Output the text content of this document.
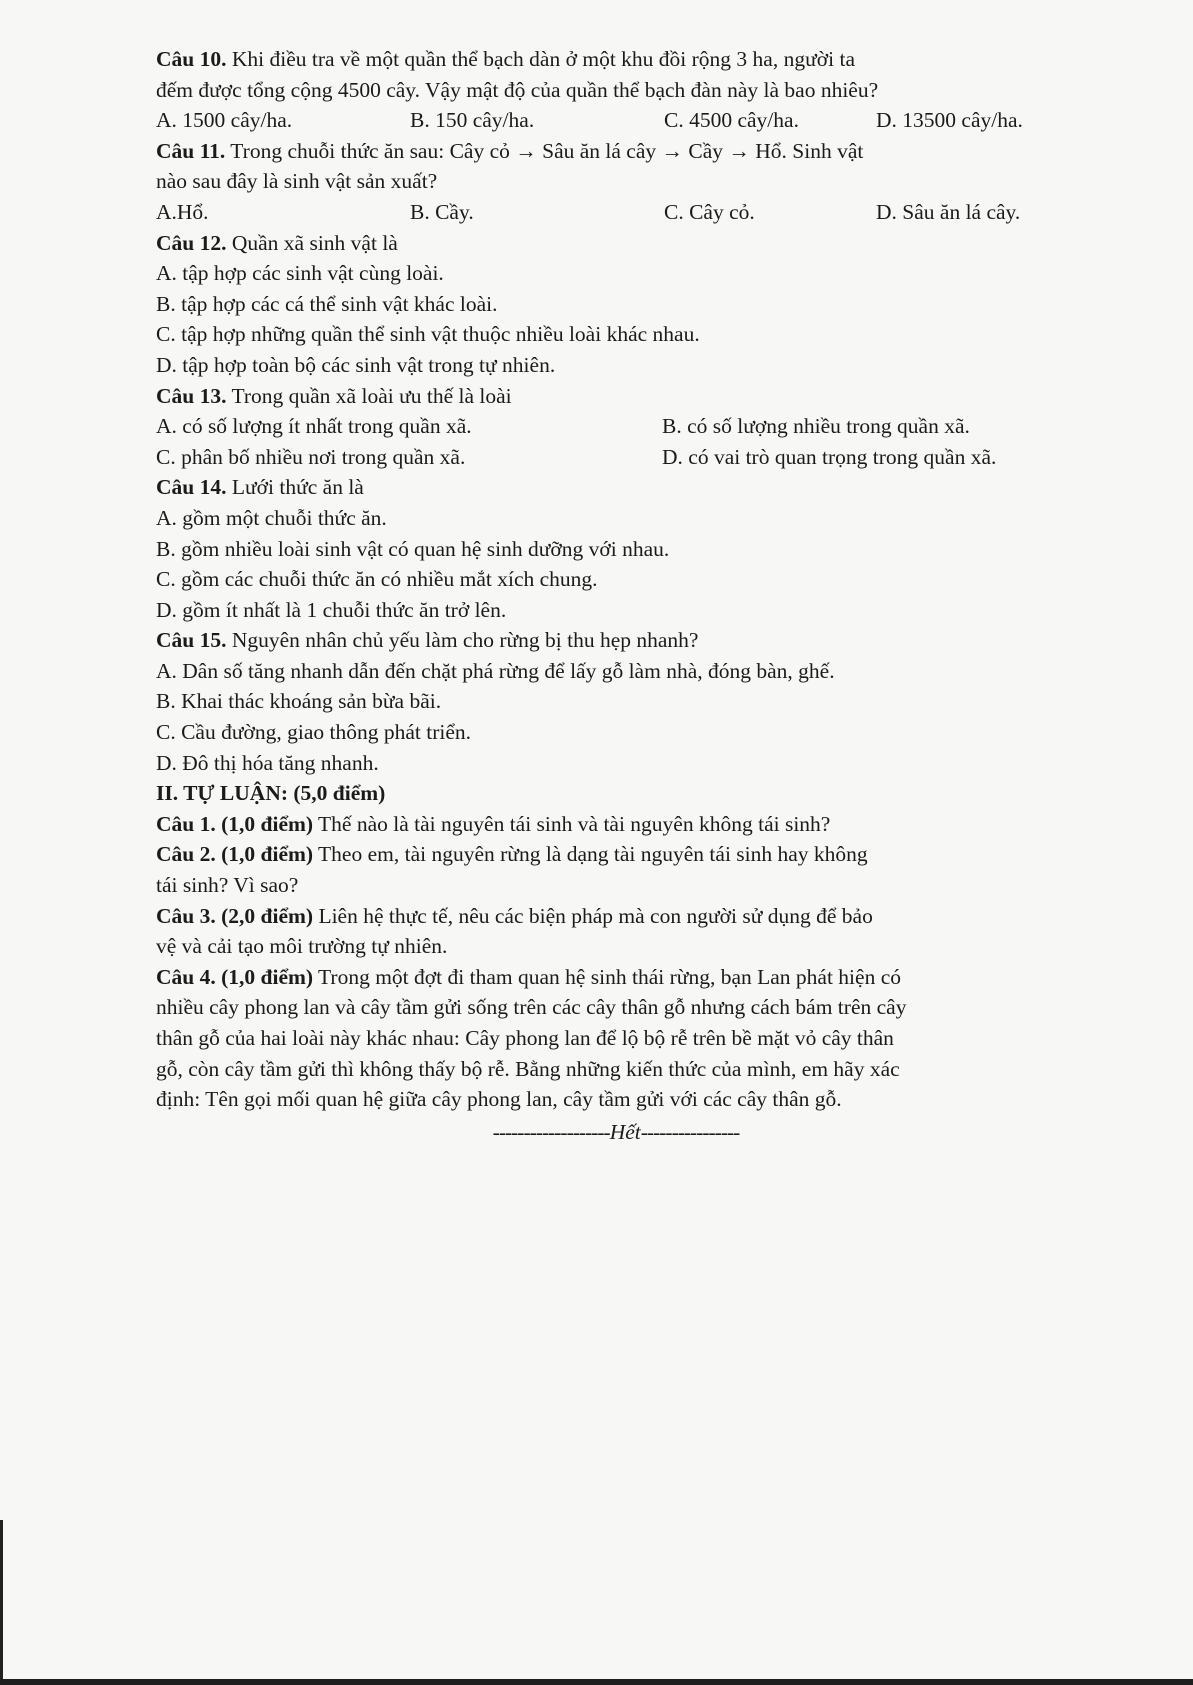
Câu 10. Khi điều tra về một quần thể bạch dàn ở một khu đồi rộng 3 ha, người ta
đếm được tổng cộng 4500 cây. Vậy mật độ của quần thể bạch đàn này là bao nhiêu?
A. 1500 cây/ha.	B. 150 cây/ha.	C. 4500 cây/ha.	D. 13500 cây/ha.
Câu 11. Trong chuỗi thức ăn sau: Cây cỏ → Sâu ăn lá cây → Cầy → Hổ. Sinh vật
nào sau đây là sinh vật sản xuất?
A.Hổ.	B. Cầy.	C. Cây cỏ.	D. Sâu ăn lá cây.
Câu 12. Quần xã sinh vật là
A. tập hợp các sinh vật cùng loài.
B. tập hợp các cá thể sinh vật khác loài.
C. tập hợp những quần thể sinh vật thuộc nhiều loài khác nhau.
D. tập hợp toàn bộ các sinh vật trong tự nhiên.
Câu 13. Trong quần xã loài ưu thế là loài
A. có số lượng ít nhất trong quần xã.	B. có số lượng nhiều trong quần xã.
C. phân bố nhiều nơi trong quần xã.	D. có vai trò quan trọng trong quần xã.
Câu 14. Lưới thức ăn là
A. gồm một chuỗi thức ăn.
B. gồm nhiều loài sinh vật có quan hệ sinh dưỡng với nhau.
C. gồm các chuỗi thức ăn có nhiều mắt xích chung.
D. gồm ít nhất là 1 chuỗi thức ăn trở lên.
Câu 15. Nguyên nhân chủ yếu làm cho rừng bị thu hẹp nhanh?
A. Dân số tăng nhanh dẫn đến chặt phá rừng để lấy gỗ làm nhà, đóng bàn, ghế.
B. Khai thác khoáng sản bừa bãi.
C. Cầu đường, giao thông phát triển.
D. Đô thị hóa tăng nhanh.
II. TỰ LUẬN: (5,0 điểm)
Câu 1. (1,0 điểm) Thế nào là tài nguyên tái sinh và tài nguyên không tái sinh?
Câu 2. (1,0 điểm) Theo em, tài nguyên rừng là dạng tài nguyên tái sinh hay không
tái sinh? Vì sao?
Câu 3. (2,0 điểm) Liên hệ thực tế, nêu các biện pháp mà con người sử dụng để bảo
vệ và cải tạo môi trường tự nhiên.
Câu 4. (1,0 điểm) Trong một đợt đi tham quan hệ sinh thái rừng, bạn Lan phát hiện có
nhiều cây phong lan và cây tầm gửi sống trên các cây thân gỗ nhưng cách bám trên cây
thân gỗ của hai loài này khác nhau: Cây phong lan để lộ bộ rễ trên bề mặt vỏ cây thân
gỗ, còn cây tầm gửi thì không thấy bộ rễ. Bằng những kiến thức của mình, em hãy xác
định: Tên gọi mối quan hệ giữa cây phong lan, cây tầm gửi với các cây thân gỗ.
-------------------Hết----------------
